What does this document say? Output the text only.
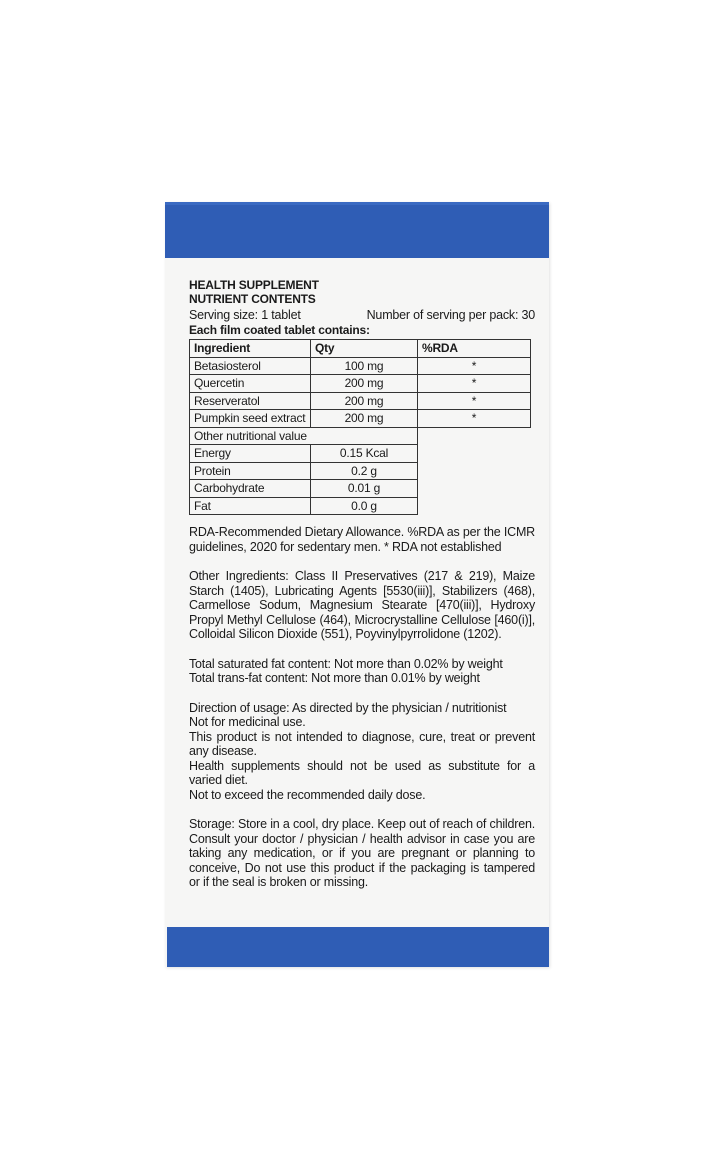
HEALTH SUPPLEMENT
NUTRIENT CONTENTS
Serving size: 1 tablet	Number of serving per pack: 30
Each film coated tablet contains:
Ingredient	Qty	%RDA
Betasiosterol	100 mg	*
Quercetin	200 mg	*
Reserveratol	200 mg	*
Pumpkin seed extract	200 mg	*
Other nutritional value		
Energy	0.15 Kcal	
Protein	0.2 g	
Carbohydrate	0.01 g	
Fat	0.0 g	
RDA-Recommended Dietary Allowance. %RDA as per the ICMR guidelines, 2020 for sedentary men. * RDA not established
Other Ingredients: Class II Preservatives (217 & 219), Maize Starch (1405), Lubricating Agents [5530(iii)], Stabilizers (468), Carmellose Sodum, Magnesium Stearate [470(iii)], Hydroxy Propyl Methyl Cellulose (464), Microcrystalline Cellulose [460(i)], Colloidal Silicon Dioxide (551), Poyvinylpyrrolidone (1202).

Total saturated fat content: Not more than 0.02% by weight

Total trans-fat content: Not more than 0.01% by weight

Direction of usage: As directed by the physician / nutritionist

Not for medicinal use.

This product is not intended to diagnose, cure, treat or prevent any disease.

Health supplements should not be used as substitute for a varied diet.

Not to exceed the recommended daily dose.

Storage: Store in a cool, dry place. Keep out of reach of children. Consult your doctor / physician / health advisor in case you are taking any medication, or if you are pregnant or planning to conceive, Do not use this product if the packaging is tampered or if the seal is broken or missing.
